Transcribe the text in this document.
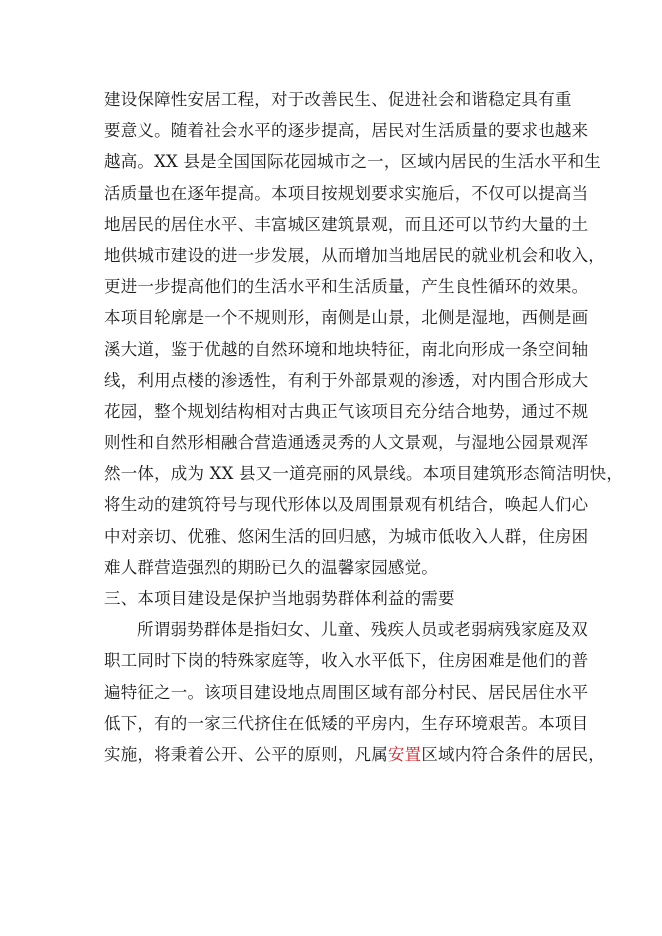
建设保障性安居工程，对于改善民生、促进社会和谐稳定具有重
要意义。随着社会水平的逐步提高，居民对生活质量的要求也越来
越高。XX 县是全国国际花园城市之一，区域内居民的生活水平和生
活质量也在逐年提高。本项目按规划要求实施后，不仅可以提高当
地居民的居住水平、丰富城区建筑景观，而且还可以节约大量的土
地供城市建设的进一步发展，从而增加当地居民的就业机会和收入，
更进一步提高他们的生活水平和生活质量，产生良性循环的效果。
本项目轮廓是一个不规则形，南侧是山景，北侧是湿地，西侧是画
溪大道，鉴于优越的自然环境和地块特征，南北向形成一条空间轴
线，利用点楼的渗透性，有利于外部景观的渗透，对内围合形成大
花园，整个规划结构相对古典正气该项目充分结合地势，通过不规
则性和自然形相融合营造通透灵秀的人文景观，与湿地公园景观浑
然一体，成为 XX 县又一道亮丽的风景线。本项目建筑形态简洁明快，
将生动的建筑符号与现代形体以及周围景观有机结合，唤起人们心
中对亲切、优雅、悠闲生活的回归感，为城市低收入人群，住房困
难人群营造强烈的期盼已久的温馨家园感觉。
三、本项目建设是保护当地弱势群体利益的需要
所谓弱势群体是指妇女、儿童、残疾人员或老弱病残家庭及双
职工同时下岗的特殊家庭等，收入水平低下，住房困难是他们的普
遍特征之一。该项目建设地点周围区域有部分村民、居民居住水平
低下，有的一家三代挤住在低矮的平房内，生存环境艰苦。本项目
实施，将秉着公开、公平的原则，凡属安置区域内符合条件的居民，
